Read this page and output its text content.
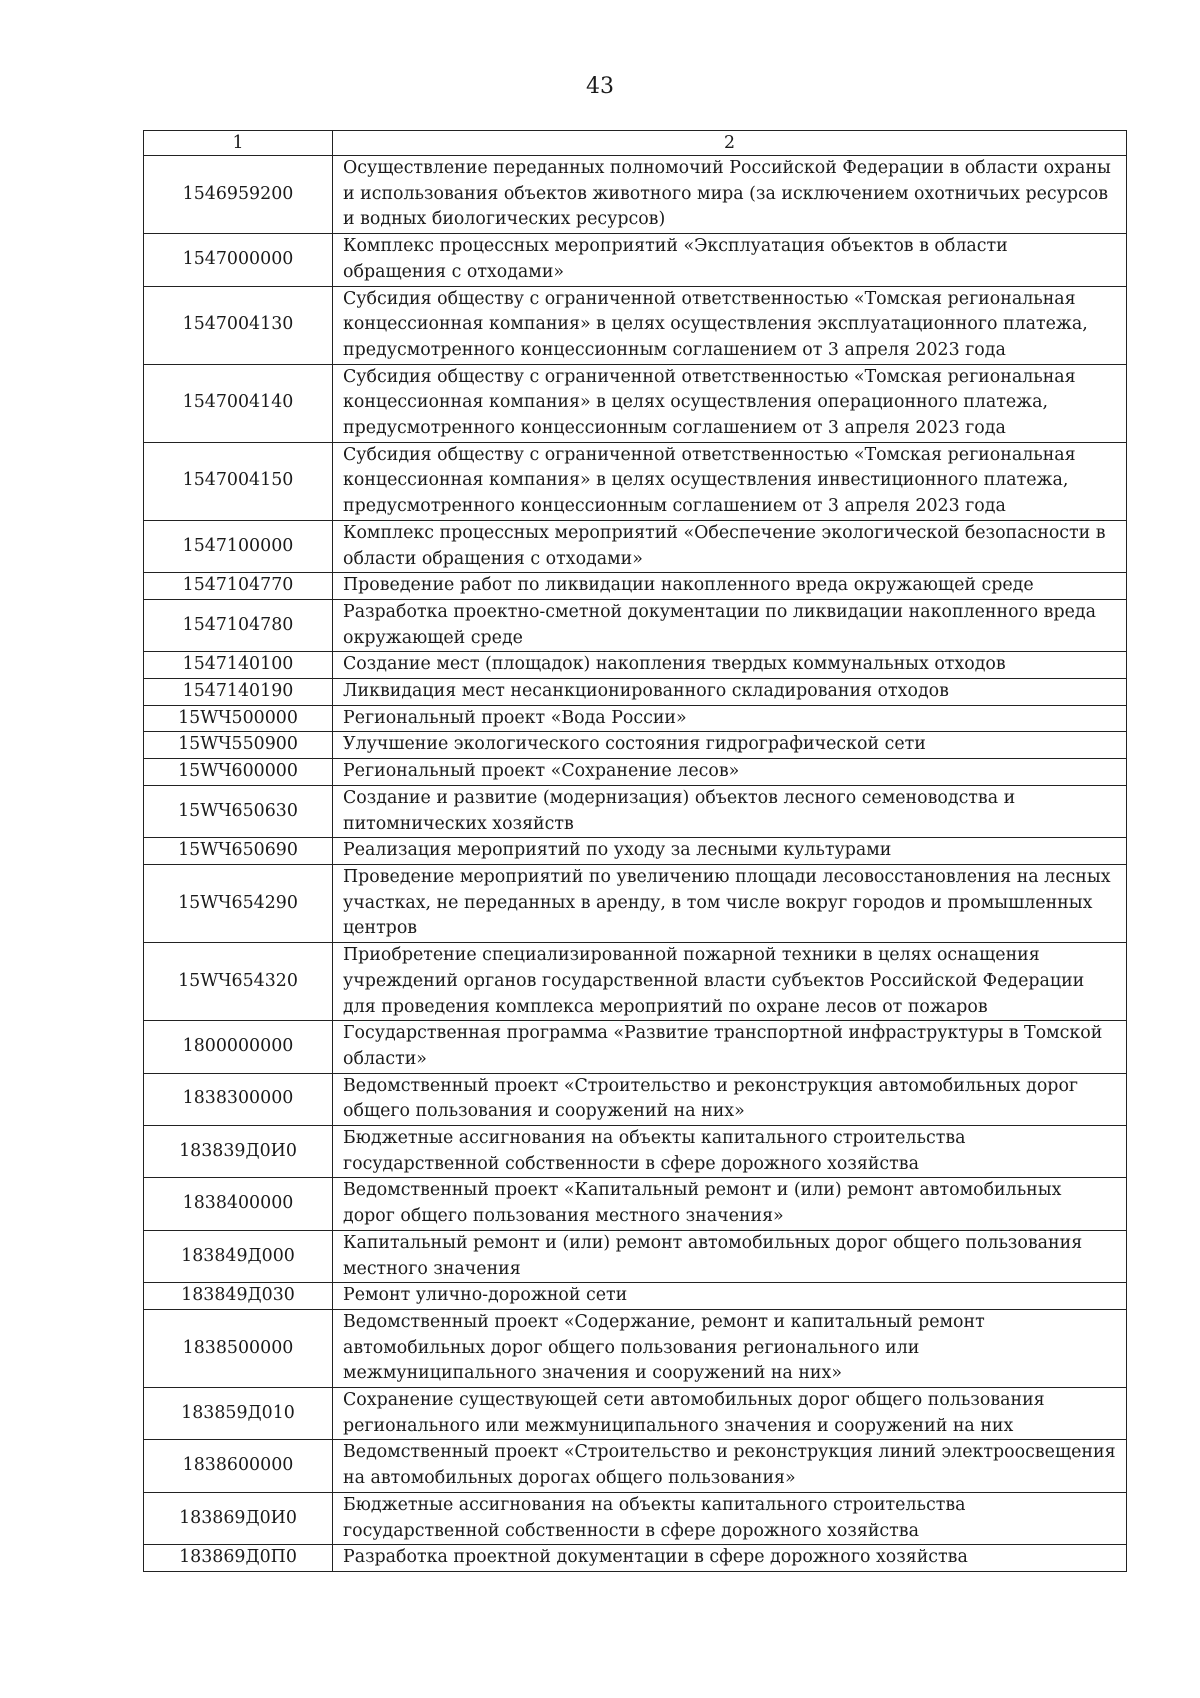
43
1	2
1546959200	Осуществление переданных полномочий Российской Федерации в области охраны и использования объектов животного мира (за исключением охотничьих ресурсов и водных биологических ресурсов)
1547000000	Комплекс процессных мероприятий «Эксплуатация объектов в области обращения с отходами»
1547004130	Субсидия обществу с ограниченной ответственностью «Томская региональная концессионная компания» в целях осуществления эксплуатационного платежа, предусмотренного концессионным соглашением от 3 апреля 2023 года
1547004140	Субсидия обществу с ограниченной ответственностью «Томская региональная концессионная компания» в целях осуществления операционного платежа, предусмотренного концессионным соглашением от 3 апреля 2023 года
1547004150	Субсидия обществу с ограниченной ответственностью «Томская региональная концессионная компания» в целях осуществления инвестиционного платежа, предусмотренного концессионным соглашением от 3 апреля 2023 года
1547100000	Комплекс процессных мероприятий «Обеспечение экологической безопасности в области обращения с отходами»
1547104770	Проведение работ по ликвидации накопленного вреда окружающей среде
1547104780	Разработка проектно-сметной документации по ликвидации накопленного вреда окружающей среде
1547140100	Создание мест (площадок) накопления твердых коммунальных отходов
1547140190	Ликвидация мест несанкционированного складирования отходов
15WЧ500000	Региональный проект «Вода России»
15WЧ550900	Улучшение экологического состояния гидрографической сети
15WЧ600000	Региональный проект «Сохранение лесов»
15WЧ650630	Создание и развитие (модернизация) объектов лесного семеноводства и питомнических хозяйств
15WЧ650690	Реализация мероприятий по уходу за лесными культурами
15WЧ654290	Проведение мероприятий по увеличению площади лесовосстановления на лесных участках, не переданных в аренду, в том числе вокруг городов и промышленных центров
15WЧ654320	Приобретение специализированной пожарной техники в целях оснащения учреждений органов государственной власти субъектов Российской Федерации для проведения комплекса мероприятий по охране лесов от пожаров
1800000000	Государственная программа «Развитие транспортной инфраструктуры в Томской области»
1838300000	Ведомственный проект «Строительство и реконструкция автомобильных дорог общего пользования и сооружений на них»
183839Д0И0	Бюджетные ассигнования на объекты капитального строительства государственной собственности в сфере дорожного хозяйства
1838400000	Ведомственный проект «Капитальный ремонт и (или) ремонт автомобильных дорог общего пользования местного значения»
183849Д000	Капитальный ремонт и (или) ремонт автомобильных дорог общего пользования местного значения
183849Д030	Ремонт улично-дорожной сети
1838500000	Ведомственный проект «Содержание, ремонт и капитальный ремонт автомобильных дорог общего пользования регионального или межмуниципального значения и сооружений на них»
183859Д010	Сохранение существующей сети автомобильных дорог общего пользования регионального или межмуниципального значения и сооружений на них
1838600000	Ведомственный проект «Строительство и реконструкция линий электроосвещения на автомобильных дорогах общего пользования»
183869Д0И0	Бюджетные ассигнования на объекты капитального строительства государственной собственности в сфере дорожного хозяйства
183869Д0П0	Разработка проектной документации в сфере дорожного хозяйства
